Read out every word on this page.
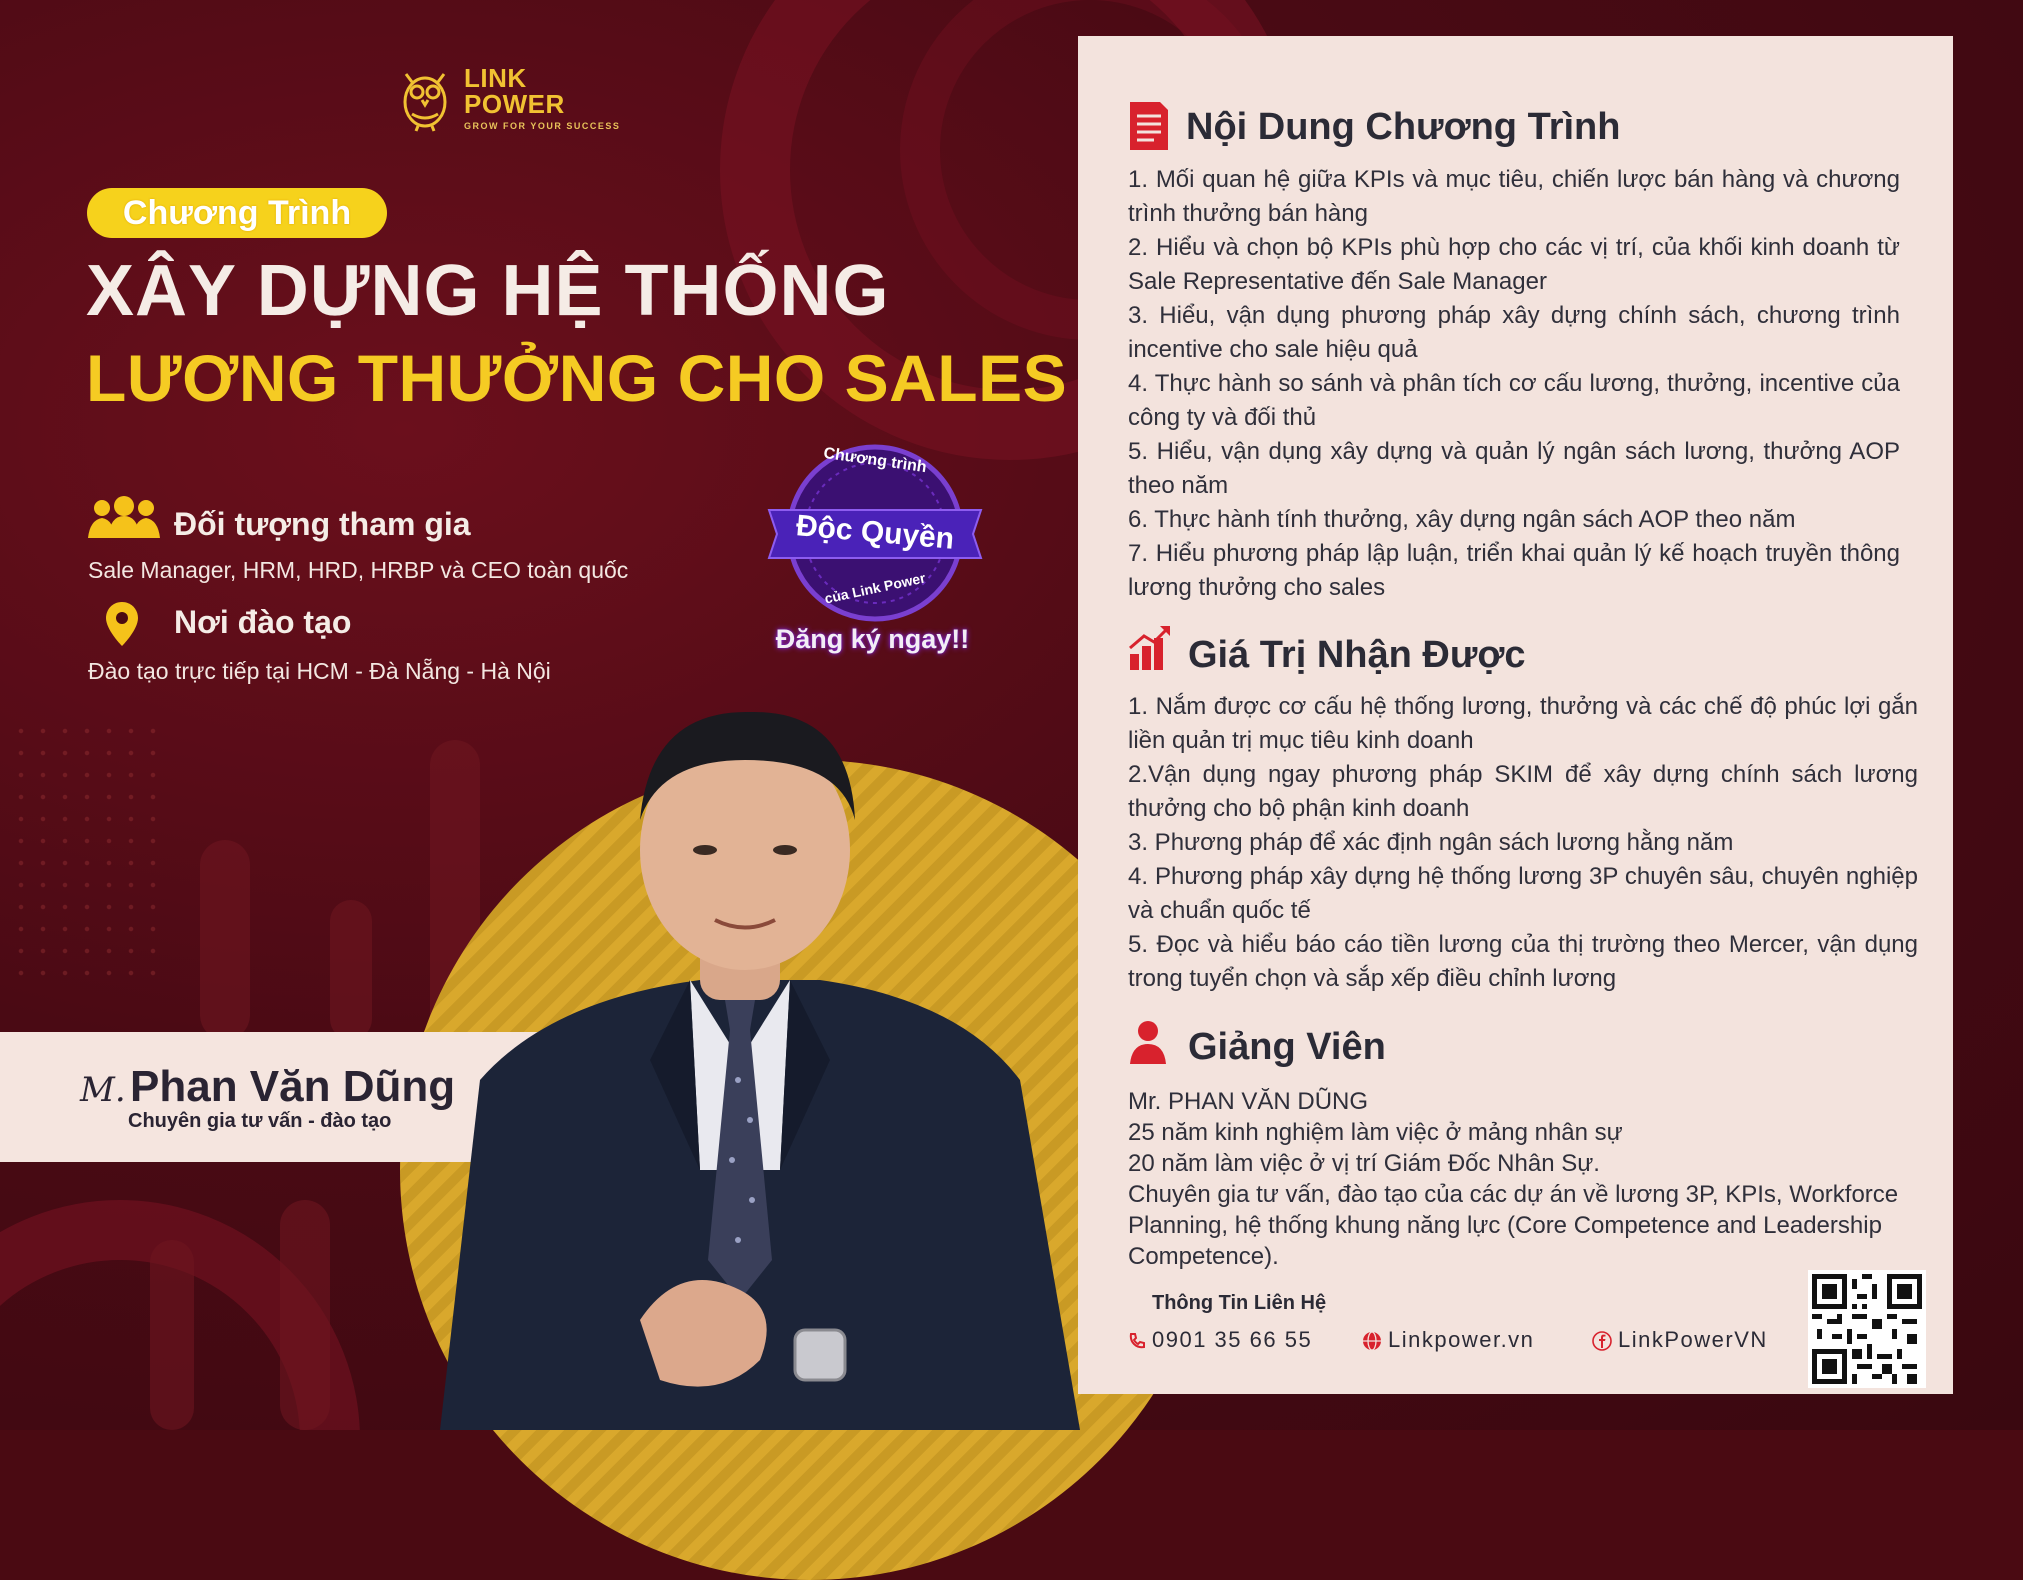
LINK
POWER
GROW FOR YOUR SUCCESS
Chương Trình
XÂY DỰNG HỆ THỐNG
LƯƠNG THƯỞNG CHO SALES
Đối tượng tham gia
Sale Manager, HRM, HRD, HRBP và CEO toàn quốc
Nơi đào tạo
Đào tạo trực tiếp tại HCM - Đà Nẵng - Hà Nội
Chương trình
Độc Quyền
của Link Power
Đăng ký ngay!!
M. Phan Văn Dũng
Chuyên gia tư vấn - đào tạo
Nội Dung Chương Trình
1. Mối quan hệ giữa KPIs và mục tiêu, chiến lược bán hàng và chương trình thưởng bán hàng
2. Hiểu và chọn bộ KPIs phù hợp cho các vị trí, của khối kinh doanh từ Sale Representative đến Sale Manager
3. Hiểu, vận dụng phương pháp xây dựng chính sách, chương trình incentive cho sale hiệu quả
4. Thực hành so sánh và phân tích cơ cấu lương, thưởng, incentive của công ty và đối thủ
5. Hiểu, vận dụng xây dựng và quản lý ngân sách lương, thưởng AOP theo năm
6. Thực hành tính thưởng, xây dựng ngân sách AOP theo năm
7. Hiểu phương pháp lập luận, triển khai quản lý kế hoạch truyền thông lương thưởng cho sales
Giá Trị Nhận Được
1. Nắm được cơ cấu hệ thống lương, thưởng và các chế độ phúc lợi gắn liền quản trị mục tiêu kinh doanh
2.Vận dụng ngay phương pháp SKIM để xây dựng chính sách lương thưởng cho bộ phận kinh doanh
3. Phương pháp để xác định ngân sách lương hằng năm
4. Phương pháp xây dựng hệ thống lương 3P chuyên sâu, chuyên nghiệp và chuẩn quốc tế
5. Đọc và hiểu báo cáo tiền lương của thị trường theo Mercer, vận dụng trong tuyển chọn và sắp xếp điều chỉnh lương
Giảng Viên
Mr. PHAN VĂN DŨNG
25 năm kinh nghiệm làm việc ở mảng nhân sự
20 năm làm việc ở vị trí Giám Đốc Nhân Sự.
Chuyên gia tư vấn, đào tạo của các dự án về lương 3P, KPIs, Workforce Planning, hệ thống khung năng lực (Core Competence and Leadership Competence).
Thông Tin Liên Hệ
0901 35 66 55	Linkpower.vn	LinkPowerVN
